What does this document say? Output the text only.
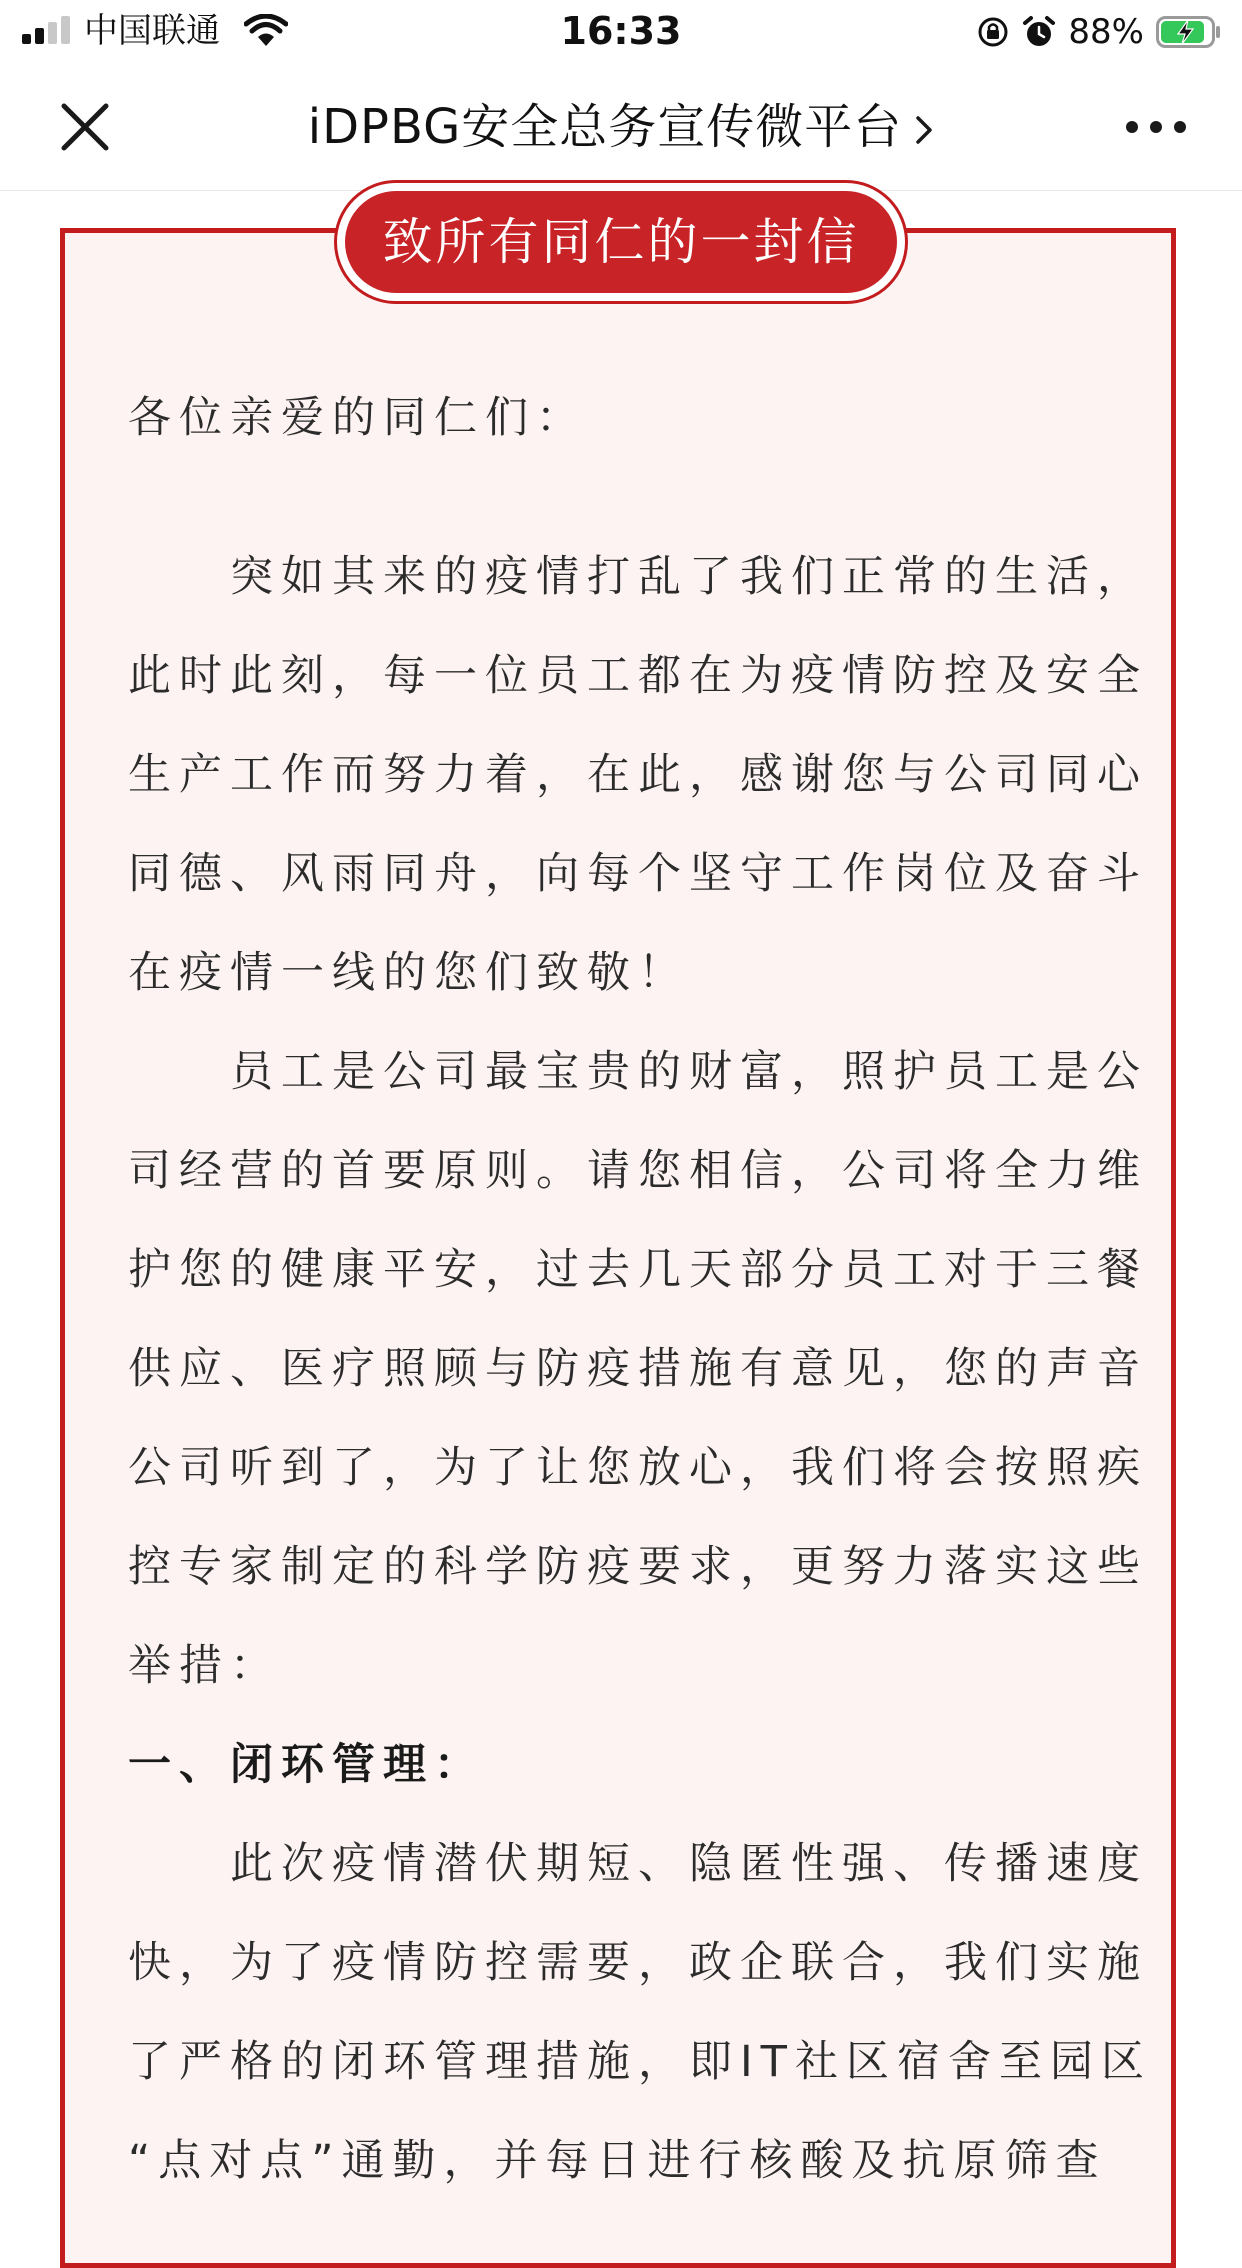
中国联通	16:33	88%
iDPBG安全总务宣传微平台
致所有同仁的一封信
各位亲爱的同仁们：
　　突如其来的疫情打乱了我们正常的生活，
此时此刻，每一位员工都在为疫情防控及安全
生产工作而努力着，在此，感谢您与公司同心
同德、风雨同舟，向每个坚守工作岗位及奋斗
在疫情一线的您们致敬！
　　员工是公司最宝贵的财富，照护员工是公
司经营的首要原则。请您相信，公司将全力维
护您的健康平安，过去几天部分员工对于三餐
供应、医疗照顾与防疫措施有意见，您的声音
公司听到了，为了让您放心，我们将会按照疾
控专家制定的科学防疫要求，更努力落实这些
举措：
一、闭环管理：
　　此次疫情潜伏期短、隐匿性强、传播速度
快，为了疫情防控需要，政企联合，我们实施
了严格的闭环管理措施，即IT社区宿舍至园区
“点对点”通勤，并每日进行核酸及抗原筛查
